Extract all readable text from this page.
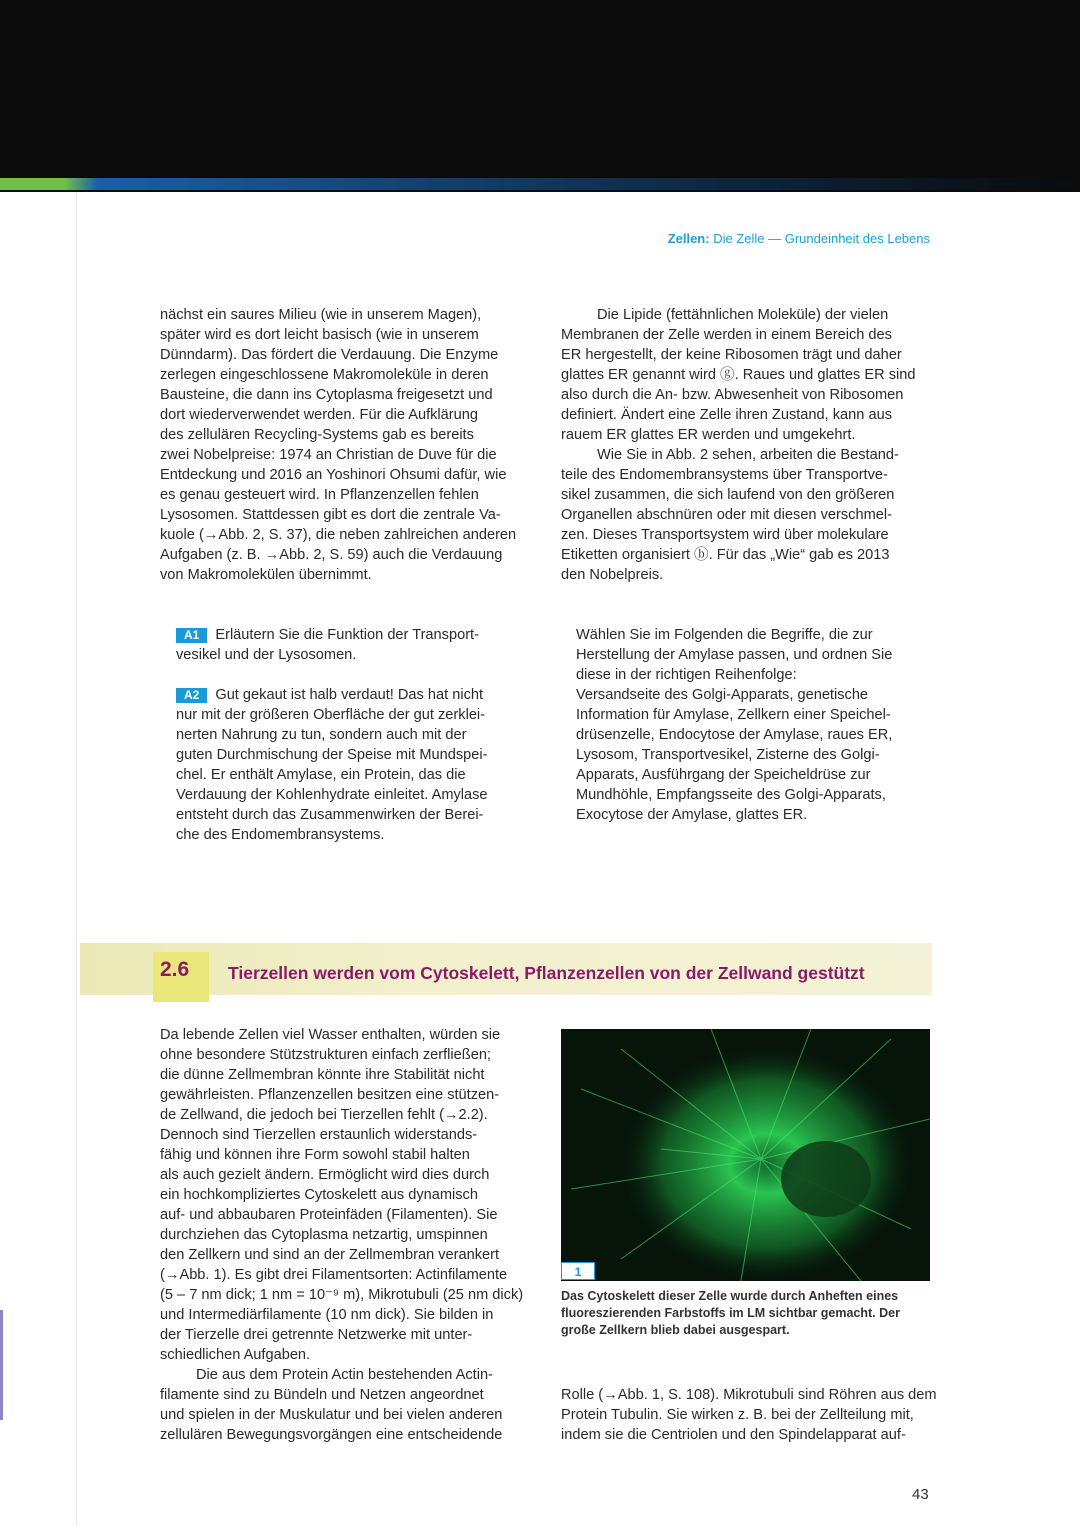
Zellen: Die Zelle — Grundeinheit des Lebens
nächst ein saures Milieu (wie in unserem Magen),
später wird es dort leicht basisch (wie in unserem
Dünndarm). Das fördert die Verdauung. Die Enzyme
zerlegen eingeschlossene Makromoleküle in deren
Bausteine, die dann ins Cytoplasma freigesetzt und
dort wiederverwendet werden. Für die Aufklärung
des zellulären Recycling-Systems gab es bereits
zwei Nobelpreise: 1974 an Christian de Duve für die
Entdeckung und 2016 an Yoshinori Ohsumi dafür, wie
es genau gesteuert wird. In Pflanzenzellen fehlen
Lysosomen. Stattdessen gibt es dort die zentrale Va-
kuole (→Abb. 2, S. 37), die neben zahlreichen anderen
Aufgaben (z. B. →Abb. 2, S. 59) auch die Verdauung
von Makromolekülen übernimmt.
Die Lipide (fettähnlichen Moleküle) der vielen
Membranen der Zelle werden in einem Bereich des
ER hergestellt, der keine Ribosomen trägt und daher
glattes ER genannt wird ⓖ. Raues und glattes ER sind
also durch die An- bzw. Abwesenheit von Ribosomen
definiert. Ändert eine Zelle ihren Zustand, kann aus
rauem ER glattes ER werden und umgekehrt.
Wie Sie in Abb. 2 sehen, arbeiten die Bestand-
teile des Endomembransystems über Transportve-
sikel zusammen, die sich laufend von den größeren
Organellen abschnüren oder mit diesen verschmel-
zen. Dieses Transportsystem wird über molekulare
Etiketten organisiert ⓑ. Für das „Wie“ gab es 2013
den Nobelpreis.
A1 Erläutern Sie die Funktion der Transport-
vesikel und der Lysosomen.
A2 Gut gekaut ist halb verdaut! Das hat nicht
nur mit der größeren Oberfläche der gut zerklei-
nerten Nahrung zu tun, sondern auch mit der
guten Durchmischung der Speise mit Mundspei-
chel. Er enthält Amylase, ein Protein, das die
Verdauung der Kohlenhydrate einleitet. Amylase
entsteht durch das Zusammenwirken der Berei-
che des Endomembransystems.
Wählen Sie im Folgenden die Begriffe, die zur
Herstellung der Amylase passen, und ordnen Sie
diese in der richtigen Reihenfolge:
Versandseite des Golgi-Apparats, genetische
Information für Amylase, Zellkern einer Speichel-
drüsenzelle, Endocytose der Amylase, raues ER,
Lysosom, Transportvesikel, Zisterne des Golgi-
Apparats, Ausführgang der Speicheldrüse zur
Mundhöhle, Empfangsseite des Golgi-Apparats,
Exocytose der Amylase, glattes ER.
2.6 Tierzellen werden vom Cytoskelett, Pflanzenzellen von der Zellwand gestützt
Da lebende Zellen viel Wasser enthalten, würden sie
ohne besondere Stützstrukturen einfach zerfließen;
die dünne Zellmembran könnte ihre Stabilität nicht
gewährleisten. Pflanzenzellen besitzen eine stützen-
de Zellwand, die jedoch bei Tierzellen fehlt (→2.2).
Dennoch sind Tierzellen erstaunlich widerstands-
fähig und können ihre Form sowohl stabil halten
als auch gezielt ändern. Ermöglicht wird dies durch
ein hochkompliziertes Cytoskelett aus dynamisch
auf- und abbaubaren Proteinfäden (Filamenten). Sie
durchziehen das Cytoplasma netzartig, umspinnen
den Zellkern und sind an der Zellmembran verankert
(→Abb. 1). Es gibt drei Filamentsorten: Actinfilamente
(5 – 7 nm dick; 1 nm = 10⁻⁹ m), Mikrotubuli (25 nm dick)
und Intermediärfilamente (10 nm dick). Sie bilden in
der Tierzelle drei getrennte Netzwerke mit unter-
schiedlichen Aufgaben.
Die aus dem Protein Actin bestehenden Actin-
filamente sind zu Bündeln und Netzen angeordnet
und spielen in der Muskulatur und bei vielen anderen
zellulären Bewegungsvorgängen eine entscheidende
1
Das Cytoskelett dieser Zelle wurde durch Anheften eines
fluoreszierenden Farbstoffs im LM sichtbar gemacht. Der
große Zellkern blieb dabei ausgespart.
Rolle (→Abb. 1, S. 108). Mikrotubuli sind Röhren aus dem
Protein Tubulin. Sie wirken z. B. bei der Zellteilung mit,
indem sie die Centriolen und den Spindelapparat auf-
43
